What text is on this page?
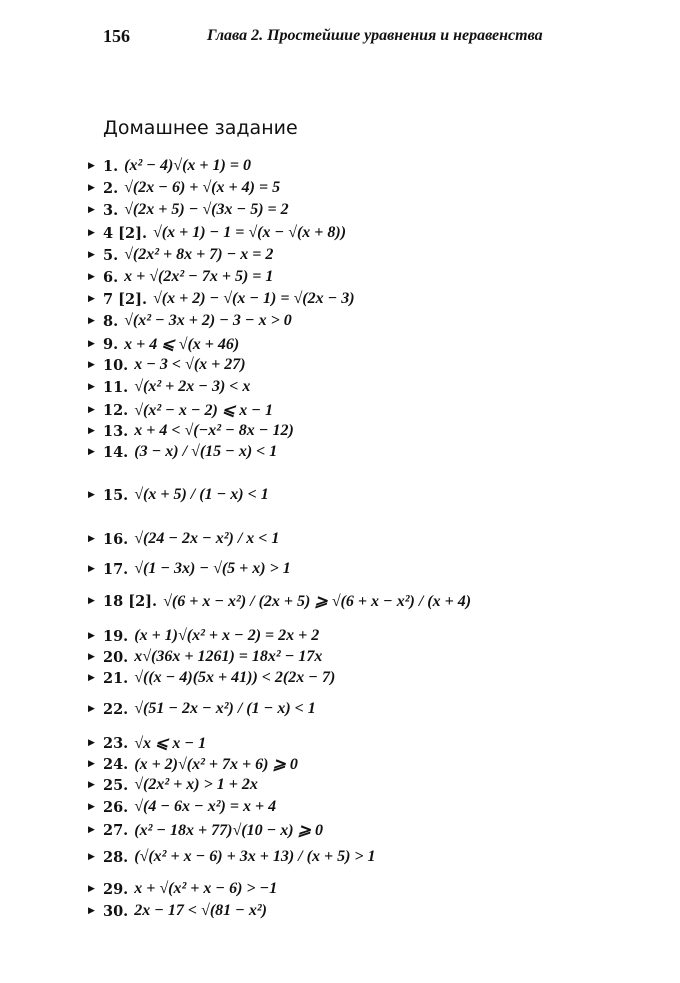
156	Глава 2. Простейшие уравнения и неравенства
Домашнее задание
▶ 1. (x² − 4)√(x + 1) = 0
▶ 2. √(2x − 6) + √(x + 4) = 5
▶ 3. √(2x + 5) − √(3x − 5) = 2
▶ 4 [2]. √(x + 1) − 1 = √(x − √(x + 8))
▶ 5. √(2x² + 8x + 7) − x = 2
▶ 6. x + √(2x² − 7x + 5) = 1
▶ 7 [2]. √(x + 2) − √(x − 1) = √(2x − 3)
▶ 8. √(x² − 3x + 2) − 3 − x > 0
▶ 9. x + 4 ⩽ √(x + 46)
▶ 10. x − 3 < √(x + 27)
▶ 11. √(x² + 2x − 3) < x
▶ 12. √(x² − x − 2) ⩽ x − 1
▶ 13. x + 4 < √(−x² − 8x − 12)
▶ 14. (3 − x) / √(15 − x) < 1
▶ 15. √(x + 5) / (1 − x) < 1
▶ 16. √(24 − 2x − x²) / x < 1
▶ 17. √(1 − 3x) − √(5 + x) > 1
▶ 18 [2]. √(6 + x − x²) / (2x + 5) ⩾ √(6 + x − x²) / (x + 4)
▶ 19. (x + 1)√(x² + x − 2) = 2x + 2
▶ 20. x√(36x + 1261) = 18x² − 17x
▶ 21. √((x − 4)(5x + 41)) < 2(2x − 7)
▶ 22. √(51 − 2x − x²) / (1 − x) < 1
▶ 23. √x ⩽ x − 1
▶ 24. (x + 2)√(x² + 7x + 6) ⩾ 0
▶ 25. √(2x² + x) > 1 + 2x
▶ 26. √(4 − 6x − x²) = x + 4
▶ 27. (x² − 18x + 77)√(10 − x) ⩾ 0
▶ 28. (√(x² + x − 6) + 3x + 13) / (x + 5) > 1
▶ 29. x + √(x² + x − 6) > −1
▶ 30. 2x − 17 < √(81 − x²)
